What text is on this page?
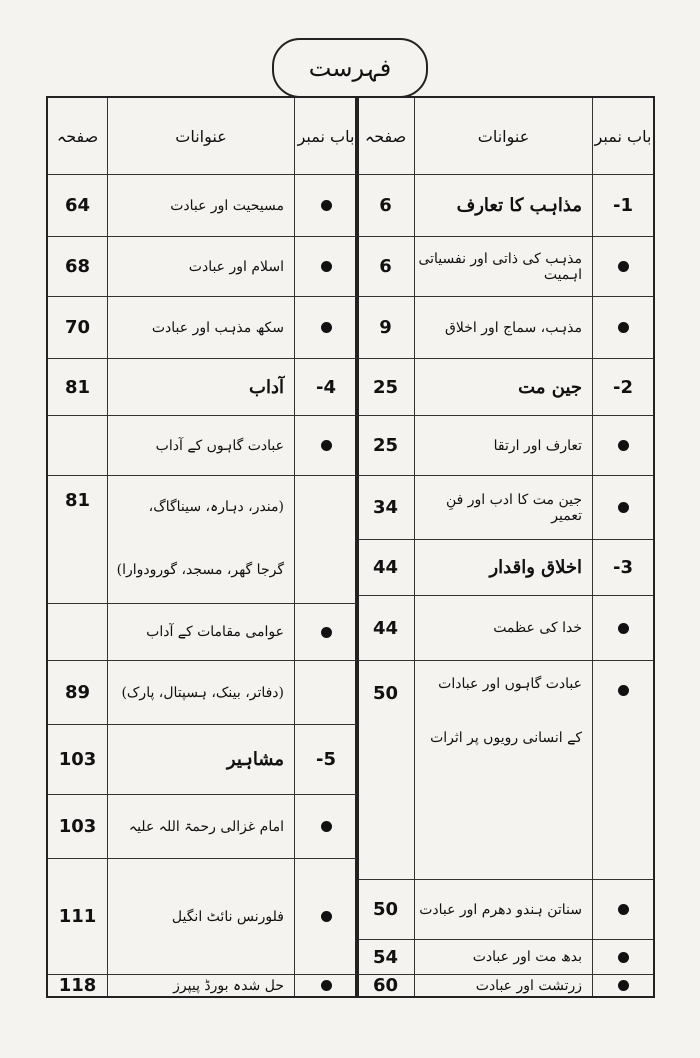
فہرست
صفحہ	عنوانات	باب نمبر
6	مذاہب کا تعارف	-1
6	مذہب کی ذاتی اور نفسیاتی اہمیت
9	مذہب، سماج اور اخلاق
25	جین مت	-2
25	تعارف اور ارتقا
34	جین مت کا ادب اور فنِ تعمیر
44	اخلاق واقدار	-3
44	خدا کی عظمت
50	عبادت گاہوں اور عبادات
کے انسانی رویوں پر اثرات
50	سناتن ہندو دھرم اور عبادت
54	بدھ مت اور عبادت
60	زرتشت اور عبادت
صفحہ	عنوانات	باب نمبر
64	مسیحیت اور عبادت
68	اسلام اور عبادت
70	سکھ مذہب اور عبادت
81	آداب	-4
عبادت گاہوں کے آداب
81	(مندر، دہارہ، سیناگاگ،
گرجا گھر، مسجد، گورودوارا)
عوامی مقامات کے آداب
89	(دفاتر، بینک، ہسپتال، پارک)
103	مشاہیر	-5
103	امام غزالی رحمۃ اللہ علیہ
111	فلورنس نائٹ انگیل
118	حل شدہ بورڈ پیپرز
